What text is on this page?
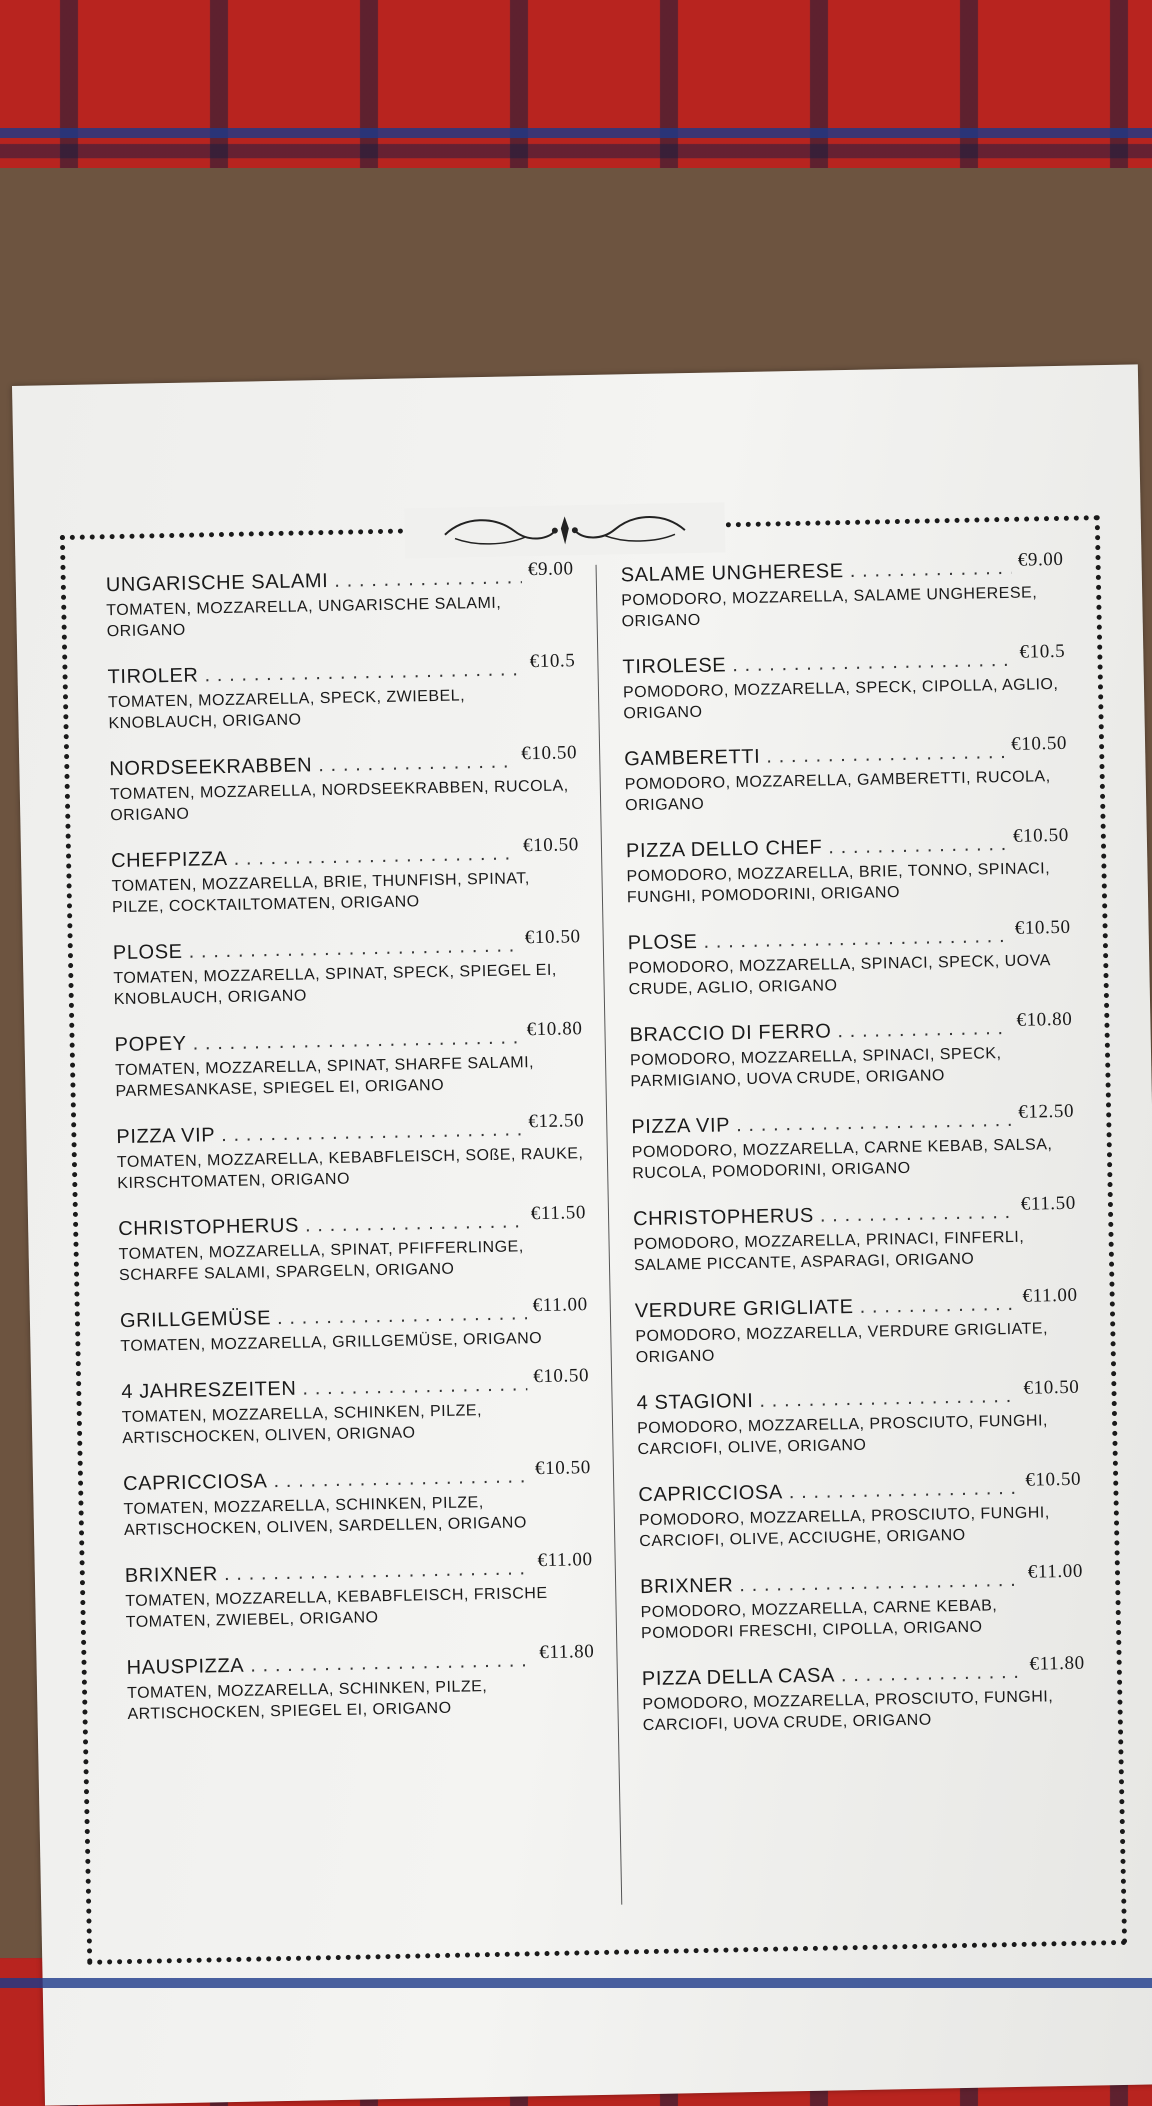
UNGARISCHE SALAMI
. . .
€9.00
TOMATEN, MOZZARELLA, UNGARISCHE SALAMI, ORIGANO
TIROLER
. . .
€10.5
TOMATEN, MOZZARELLA, SPECK, ZWIEBEL, KNOBLAUCH, ORIGANO
NORDSEEKRABBEN
. . .
€10.50
TOMATEN, MOZZARELLA, NORDSEEKRABBEN, RUCOLA, ORIGANO
CHEFPIZZA
. . .
€10.50
TOMATEN, MOZZARELLA, BRIE, THUNFISH, SPINAT, PILZE, COCKTAILTOMATEN, ORIGANO
PLOSE
. . .
€10.50
TOMATEN, MOZZARELLA, SPINAT, SPECK, SPIEGEL EI, KNOBLAUCH, ORIGANO
POPEY
. . .
€10.80
TOMATEN, MOZZARELLA, SPINAT, SHARFE SALAMI, PARMESANKASE, SPIEGEL EI, ORIGANO
PIZZA VIP
. . .
€12.50
TOMATEN, MOZZARELLA, KEBABFLEISCH, SOßE, RAUKE, KIRSCHTOMATEN, ORIGANO
CHRISTOPHERUS
. . .
€11.50
TOMATEN, MOZZARELLA, SPINAT, PFIFFERLINGE, SCHARFE SALAMI, SPARGELN, ORIGANO
GRILLGEMÜSE
. . .
€11.00
TOMATEN, MOZZARELLA, GRILLGEMÜSE, ORIGANO
4 JAHRESZEITEN
. . .
€10.50
TOMATEN, MOZZARELLA, SCHINKEN, PILZE, ARTISCHOCKEN, OLIVEN, ORIGNAO
CAPRICCIOSA
. . .
€10.50
TOMATEN, MOZZARELLA, SCHINKEN, PILZE, ARTISCHOCKEN, OLIVEN, SARDELLEN, ORIGANO
BRIXNER
. . .
€11.00
TOMATEN, MOZZARELLA, KEBABFLEISCH, FRISCHE TOMATEN, ZWIEBEL, ORIGANO
HAUSPIZZA
. . .
€11.80
TOMATEN, MOZZARELLA, SCHINKEN, PILZE, ARTISCHOCKEN, SPIEGEL EI, ORIGANO
SALAME UNGHERESE
. . .
€9.00
POMODORO, MOZZARELLA, SALAME UNGHERESE, ORIGANO
TIROLESE
. . .
€10.5
POMODORO, MOZZARELLA, SPECK, CIPOLLA, AGLIO, ORIGANO
GAMBERETTI
. . .
€10.50
POMODORO, MOZZARELLA, GAMBERETTI, RUCOLA, ORIGANO
PIZZA DELLO CHEF
. . .
€10.50
POMODORO, MOZZARELLA, BRIE, TONNO, SPINACI, FUNGHI, POMODORINI, ORIGANO
PLOSE
. . .
€10.50
POMODORO, MOZZARELLA, SPINACI, SPECK, UOVA CRUDE, AGLIO, ORIGANO
BRACCIO DI FERRO
. . .
€10.80
POMODORO, MOZZARELLA, SPINACI, SPECK, PARMIGIANO, UOVA CRUDE, ORIGANO
PIZZA VIP
. . .
€12.50
POMODORO, MOZZARELLA, CARNE KEBAB, SALSA, RUCOLA, POMODORINI, ORIGANO
CHRISTOPHERUS
. . .
€11.50
POMODORO, MOZZARELLA, PRINACI, FINFERLI, SALAME PICCANTE, ASPARAGI, ORIGANO
VERDURE GRIGLIATE
. . .
€11.00
POMODORO, MOZZARELLA, VERDURE GRIGLIATE, ORIGANO
4 STAGIONI
. . .
€10.50
POMODORO, MOZZARELLA, PROSCIUTO, FUNGHI, CARCIOFI, OLIVE, ORIGANO
CAPRICCIOSA
. . .
€10.50
POMODORO, MOZZARELLA, PROSCIUTO, FUNGHI, CARCIOFI, OLIVE, ACCIUGHE, ORIGANO
BRIXNER
. . .
€11.00
POMODORO, MOZZARELLA, CARNE KEBAB, POMODORI FRESCHI, CIPOLLA, ORIGANO
PIZZA DELLA CASA
. . .
€11.80
POMODORO, MOZZARELLA, PROSCIUTO, FUNGHI, CARCIOFI, UOVA CRUDE, ORIGANO
